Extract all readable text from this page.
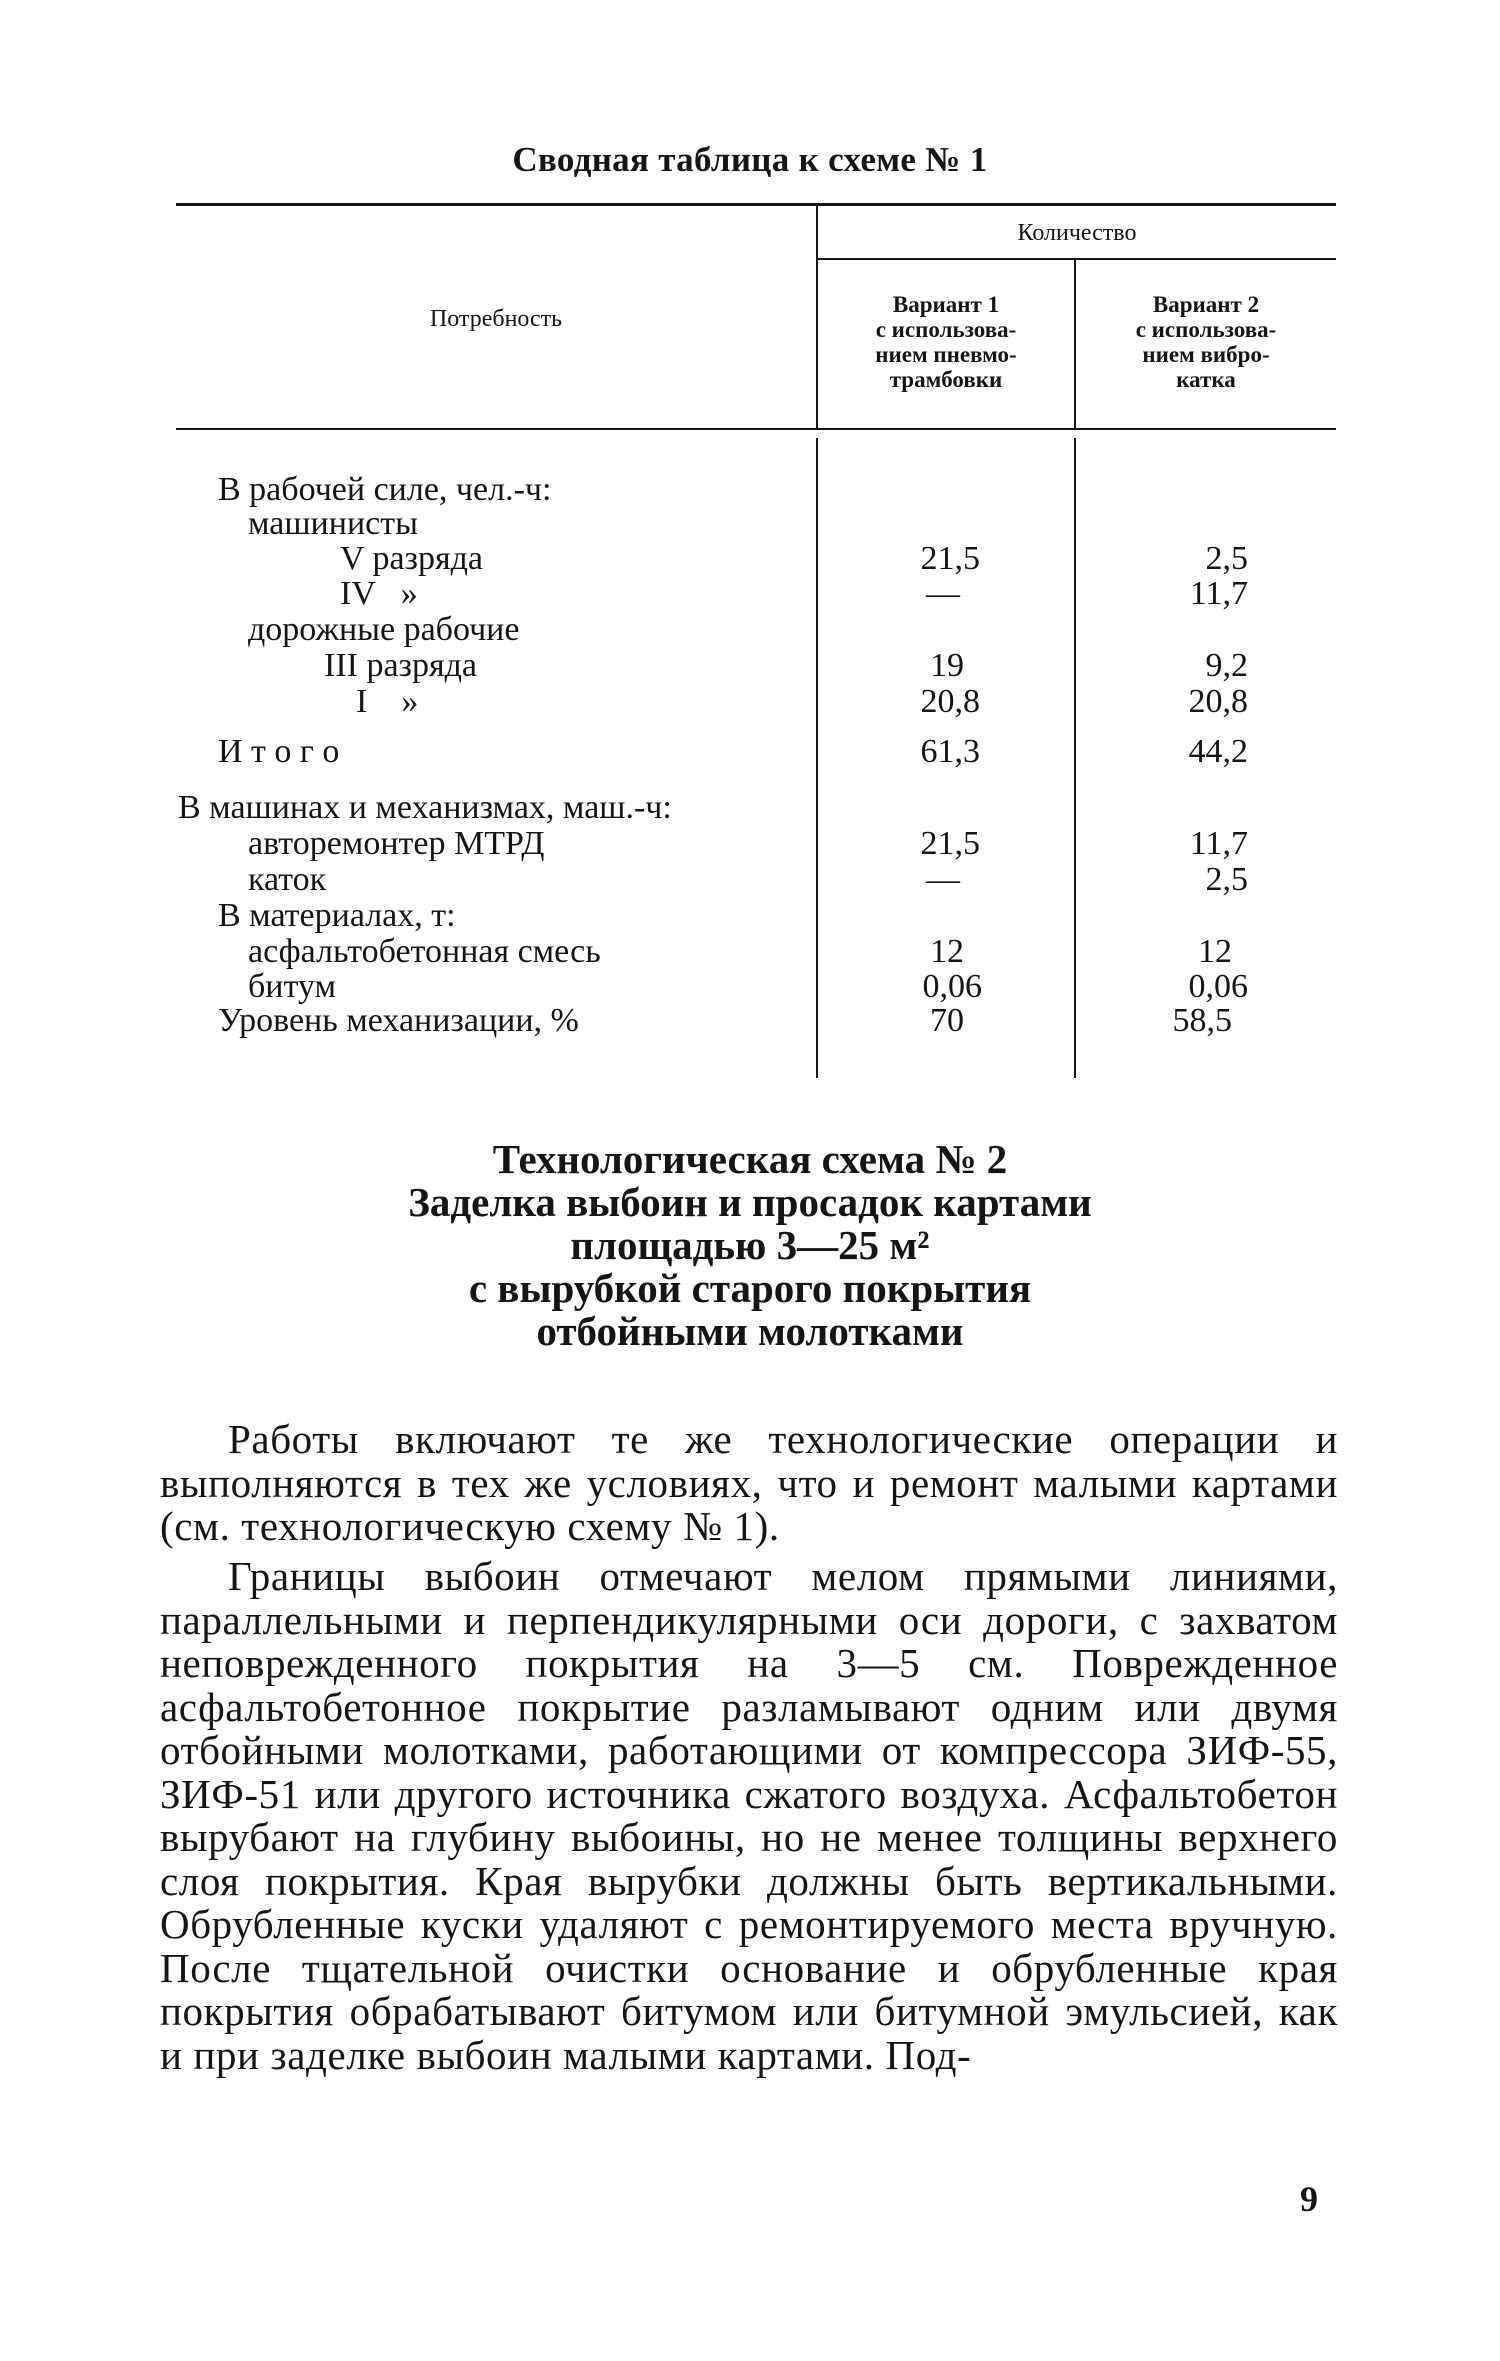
Сводная таблица к схеме № 1
Потребность
Количество
Вариант 1
с использова-
нием пневмо-
трамбовки
Вариант 2
с использова-
нием вибро-
катка
В рабочей силе, чел.-ч:
машинисты
V разряда
IV   »
дорожные рабочие
III разряда
I    »
И т о г о
В машинах и механизмах, маш.-ч:
авторемонтер МТРД
каток
В материалах, т:
асфальтобетонная смесь
битум
Уровень механизации, %
21,5
—
19
20,8
61,3
21,5
—
12
0,06
70
2,5
11,7
9,2
20,8
44,2
11,7
2,5
12
0,06
58,5
Технологическая схема № 2
Заделка выбоин и просадок картами
площадью 3—25 м²
с вырубкой старого покрытия
отбойными молотками
Работы включают те же технологические операции и выполняются в тех же условиях, что и ремонт малыми картами (см. технологическую схему № 1).
Границы выбоин отмечают мелом прямыми линиями, параллельными и перпендикулярными оси дороги, с захватом неповрежденного покрытия на 3—5 см. Поврежденное асфальтобетонное покрытие разламывают одним или двумя отбойными молотками, работающими от компрессора ЗИФ-55, ЗИФ-51 или другого источника сжатого воздуха. Асфальтобетон вырубают на глубину выбоины, но не менее толщины верхнего слоя покрытия. Края вырубки должны быть вертикальными. Обрубленные куски удаляют с ремонтируемого места вручную. После тщательной очистки основание и обрубленные края покрытия обрабатывают битумом или битумной эмульсией, как и при заделке выбоин малыми картами. Под-
9
